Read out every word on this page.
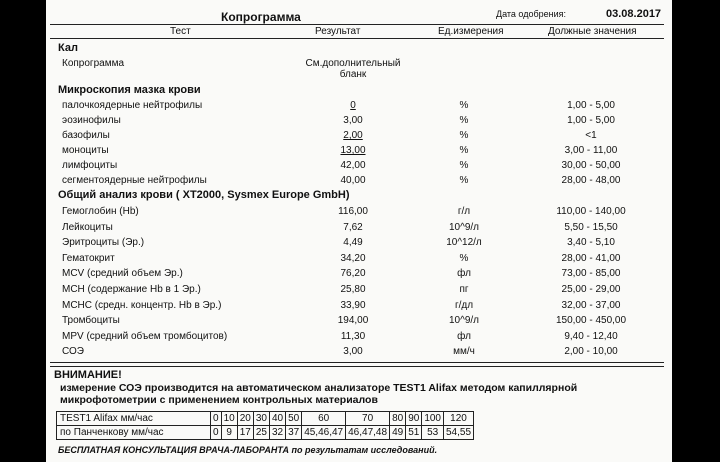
Копрограмма	Дата одобрения:	03.08.2017
Тест	Результат	Ед.измерения	Должные значения
Кал
Копрограмма	См.дополнительный
бланк
Микроскопия мазка крови
палочкоядерные нейтрофилы	0	%	1,00 - 5,00
эозинофилы	3,00	%	1,00 - 5,00
базофилы	2,00	%	<1
моноциты	13,00	%	3,00 - 11,00
лимфоциты	42,00	%	30,00 - 50,00
сегментоядерные нейтрофилы	40,00	%	28,00 - 48,00
Общий анализ крови ( XT2000, Sysmex Europe GmbH)
Гемоглобин (Hb)	116,00	г/л	110,00 - 140,00
Лейкоциты	7,62	10^9/л	5,50 - 15,50
Эритроциты (Эр.)	4,49	10^12/л	3,40 - 5,10
Гематокрит	34,20	%	28,00 - 41,00
MCV (средний объем Эр.)	76,20	фл	73,00 - 85,00
MCH (содержание Hb в 1 Эр.)	25,80	пг	25,00 - 29,00
MCHC (средн. концентр. Hb в Эр.)	33,90	г/дл	32,00 - 37,00
Тромбоциты	194,00	10^9/л	150,00 - 450,00
MPV (средний объем тромбоцитов)	11,30	фл	9,40 - 12,40
СОЭ	3,00	мм/ч	2,00 - 10,00
ВНИМАНИЕ!
измерение СОЭ производится на автоматическом анализаторе TEST1 Alifax методом капиллярной микрофотометрии с применением контрольных материалов
TEST1 Alifax мм/час	0	10	20	30	40	50	60	70	80	90	100	120
по Панченкову мм/час	0	9	17	25	32	37	45,46,47	46,47,48	49	51	53	54,55
БЕСПЛАТНАЯ КОНСУЛЬТАЦИЯ ВРАЧА-ЛАБОРАНТА по результатам исследований.
